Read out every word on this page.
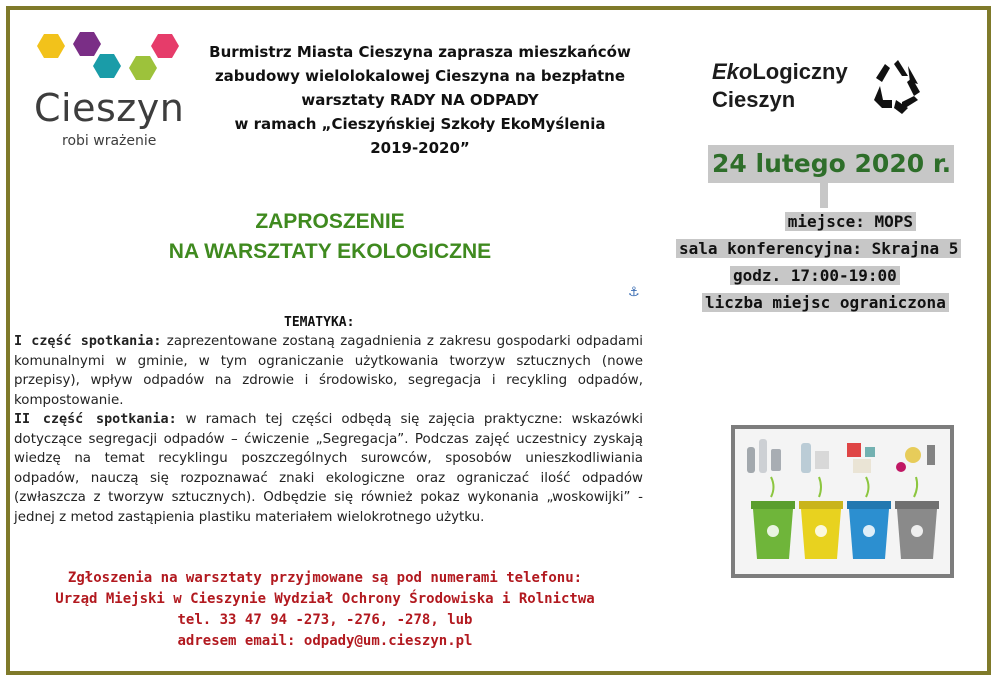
Cieszyn
robi wrażenie
Burmistrz Miasta Cieszyna zaprasza mieszkańców
zabudowy wielolokalowej Cieszyna na bezpłatne
warsztaty RADY NA ODPADY
w ramach „Cieszyńskiej Szkoły EkoMyślenia
2019-2020”
EkoLogiczny
Cieszyn
24 lutego 2020 r.
miejsce: MOPS
sala konferencyjna: Skrajna 5
godz. 17:00-19:00
liczba miejsc ograniczona
ZAPROSZENIE
NA WARSZTATY EKOLOGICZNE
⚓
TEMATYKA:

I część spotkania: zaprezentowane zostaną zagadnienia z zakresu gospodarki odpadami komunalnymi w gminie, w tym ograniczanie użytkowania tworzyw sztucznych (nowe przepisy), wpływ odpadów na zdrowie i środowisko, segregacja i recykling odpadów, kompostowanie.

II część spotkania: w ramach tej części odbędą się zajęcia praktyczne: wskazówki dotyczące segregacji odpadów – ćwiczenie „Segregacja”. Podczas zajęć uczestnicy zyskają wiedzę na temat recyklingu poszczególnych surowców, sposobów unieszkodliwiania odpadów, nauczą się rozpoznawać znaki ekologiczne oraz ograniczać ilość odpadów (zwłaszcza z tworzyw sztucznych). Odbędzie się również pokaz wykonania „woskowijki” - jednej z metod zastąpienia plastiku materiałem wielokrotnego użytku.

Zgłoszenia na warsztaty przyjmowane są pod numerami telefonu:
Urząd Miejski w Cieszynie Wydział Ochrony Środowiska i Rolnictwa
tel. 33 47 94 -273, -276, -278, lub
adresem email: odpady@um.cieszyn.pl
